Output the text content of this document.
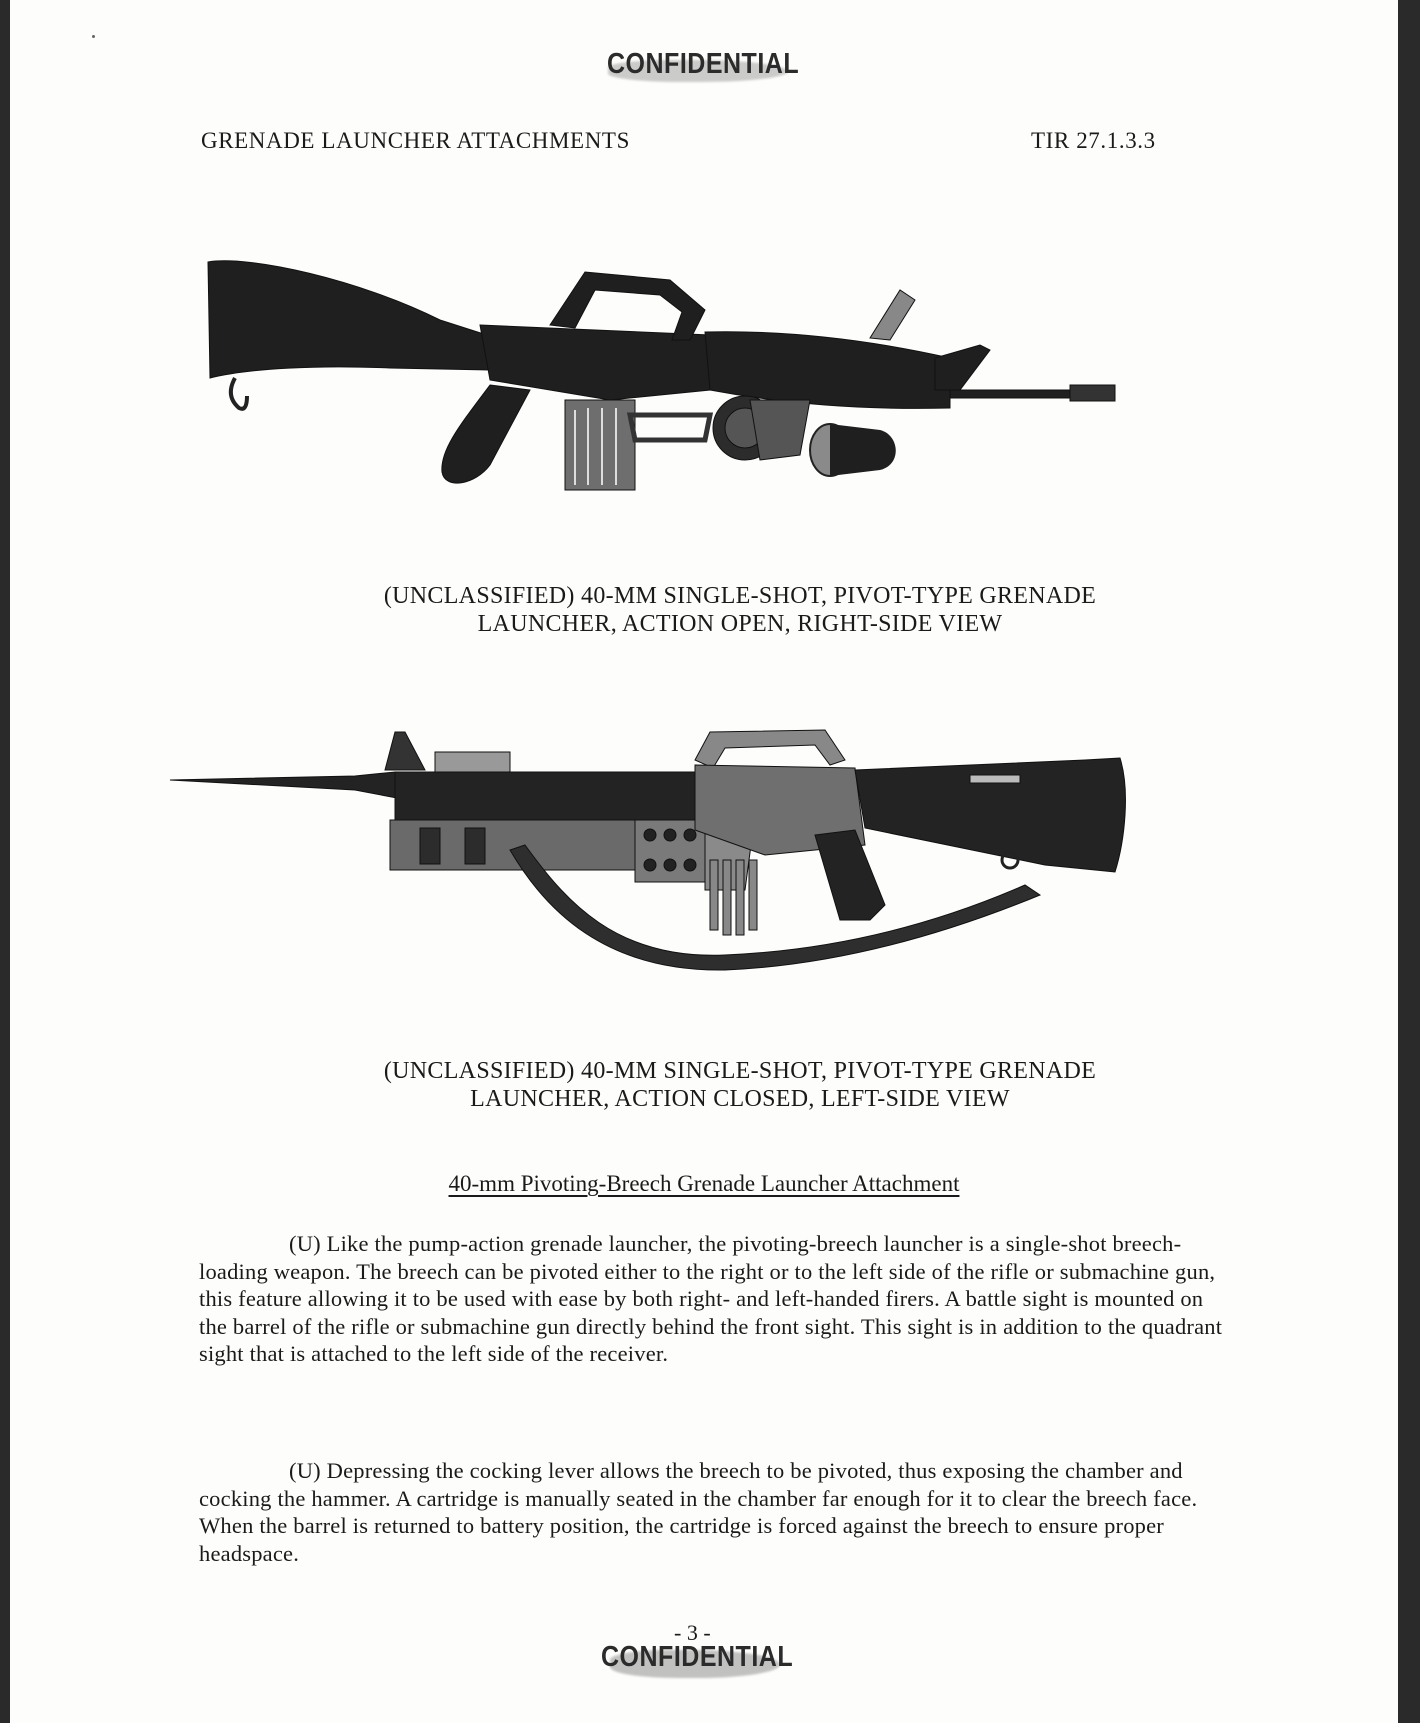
CONFIDENTIAL
GRENADE LAUNCHER ATTACHMENTS	TIR 27.1.3.3
(UNCLASSIFIED) 40-MM SINGLE-SHOT, PIVOT-TYPE GRENADE
LAUNCHER, ACTION OPEN, RIGHT-SIDE VIEW
(UNCLASSIFIED) 40-MM SINGLE-SHOT, PIVOT-TYPE GRENADE
LAUNCHER, ACTION CLOSED, LEFT-SIDE VIEW
40-mm Pivoting-Breech Grenade Launcher Attachment
(U) Like the pump-action grenade launcher, the pivoting-breech launcher is a single-shot breech-loading weapon. The breech can be pivoted either to the right or to the left side of the rifle or submachine gun, this feature allowing it to be used with ease by both right- and left-handed firers. A battle sight is mounted on the barrel of the rifle or submachine gun directly behind the front sight. This sight is in addition to the quadrant sight that is attached to the left side of the receiver.
(U) Depressing the cocking lever allows the breech to be pivoted, thus exposing the chamber and cocking the hammer. A cartridge is manually seated in the chamber far enough for it to clear the breech face. When the barrel is returned to battery position, the cartridge is forced against the breech to ensure proper headspace.
- 3 -
CONFIDENTIAL
